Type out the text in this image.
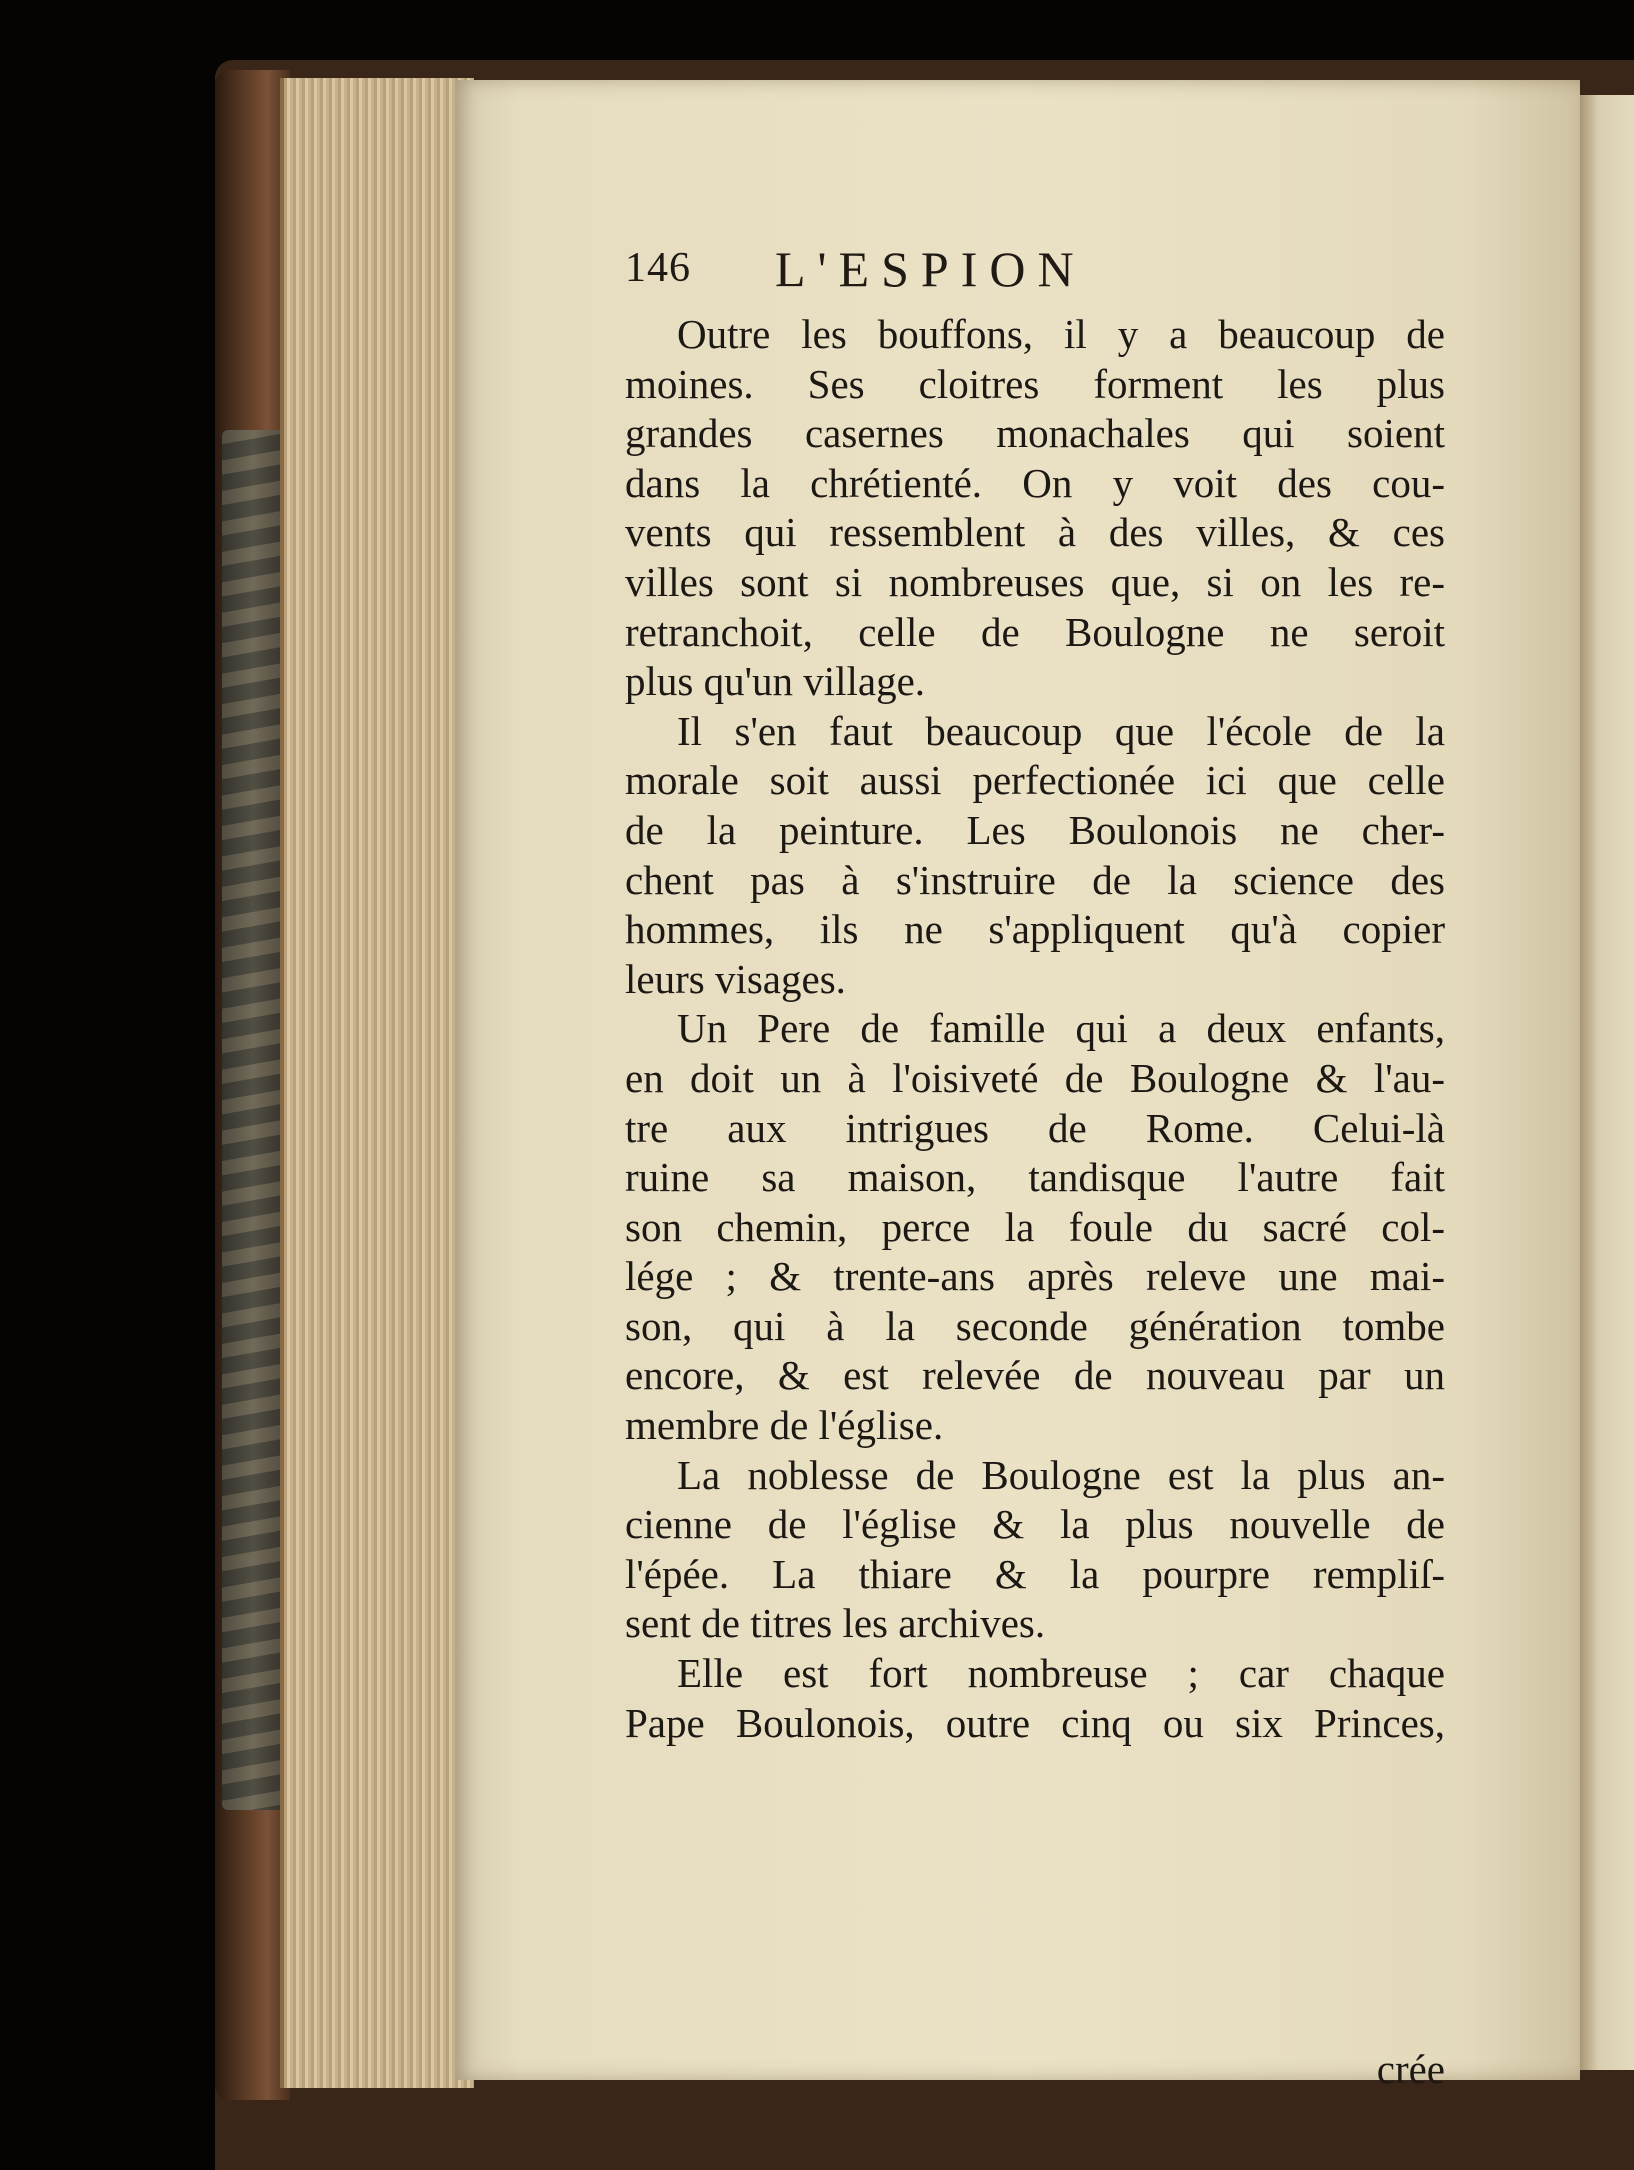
146 L'ESPION
Outre les bouffons, il y a beaucoup de
moines. Ses cloitres forment les plus
grandes casernes monachales qui soient
dans la chrétienté. On y voit des cou-
vents qui ressemblent à des villes, & ces
villes sont si nombreuses que, si on les re-
retranchoit, celle de Boulogne ne seroit
plus qu'un village.
Il s'en faut beaucoup que l'école de la
morale soit aussi perfectionée ici que celle
de la peinture. Les Boulonois ne cher-
chent pas à s'instruire de la science des
hommes, ils ne s'appliquent qu'à copier
leurs visages.
Un Pere de famille qui a deux enfants,
en doit un à l'oisiveté de Boulogne & l'au-
tre aux intrigues de Rome. Celui-là
ruine sa maison, tandisque l'autre fait
son chemin, perce la foule du sacré col-
lége ; & trente-ans après releve une mai-
son, qui à la seconde génération tombe
encore, & est relevée de nouveau par un
membre de l'église.
La noblesse de Boulogne est la plus an-
cienne de l'église & la plus nouvelle de
l'épée. La thiare & la pourpre rempliſ-
sent de titres les archives.
Elle est fort nombreuse ; car chaque
Pape Boulonois, outre cinq ou six Princes,
crée
